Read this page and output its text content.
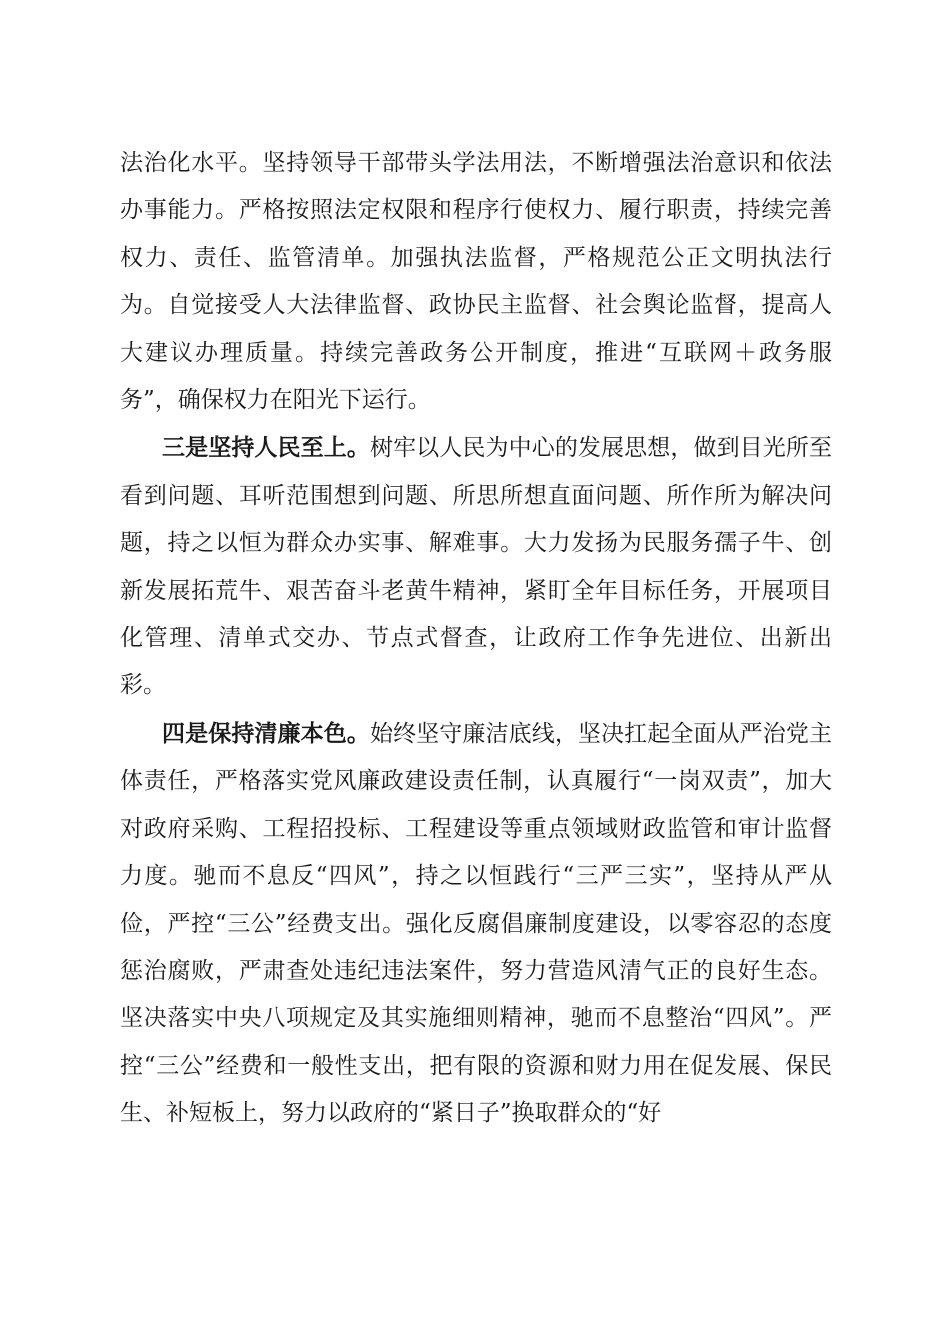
法治化水平。坚持领导干部带头学法用法，不断增强法治意识和依法办事能力。严格按照法定权限和程序行使权力、履行职责，持续完善权力、责任、监管清单。加强执法监督，严格规范公正文明执法行为。自觉接受人大法律监督、政协民主监督、社会舆论监督，提高人大建议办理质量。持续完善政务公开制度，推进“互联网＋政务服务”，确保权力在阳光下运行。

三是坚持人民至上。树牢以人民为中心的发展思想，做到目光所至看到问题、耳听范围想到问题、所思所想直面问题、所作所为解决问题，持之以恒为群众办实事、解难事。大力发扬为民服务孺子牛、创新发展拓荒牛、艰苦奋斗老黄牛精神，紧盯全年目标任务，开展项目化管理、清单式交办、节点式督查，让政府工作争先进位、出新出彩。

四是保持清廉本色。始终坚守廉洁底线，坚决扛起全面从严治党主体责任，严格落实党风廉政建设责任制，认真履行“一岗双责”，加大对政府采购、工程招投标、工程建设等重点领域财政监管和审计监督力度。驰而不息反“四风”，持之以恒践行“三严三实”，坚持从严从俭，严控“三公”经费支出。强化反腐倡廉制度建设，以零容忍的态度惩治腐败，严肃查处违纪违法案件，努力营造风清气正的良好生态。坚决落实中央八项规定及其实施细则精神，驰而不息整治“四风”。严控“三公”经费和一般性支出，把有限的资源和财力用在促发展、保民生、补短板上，努力以政府的“紧日子”换取群众的“好
